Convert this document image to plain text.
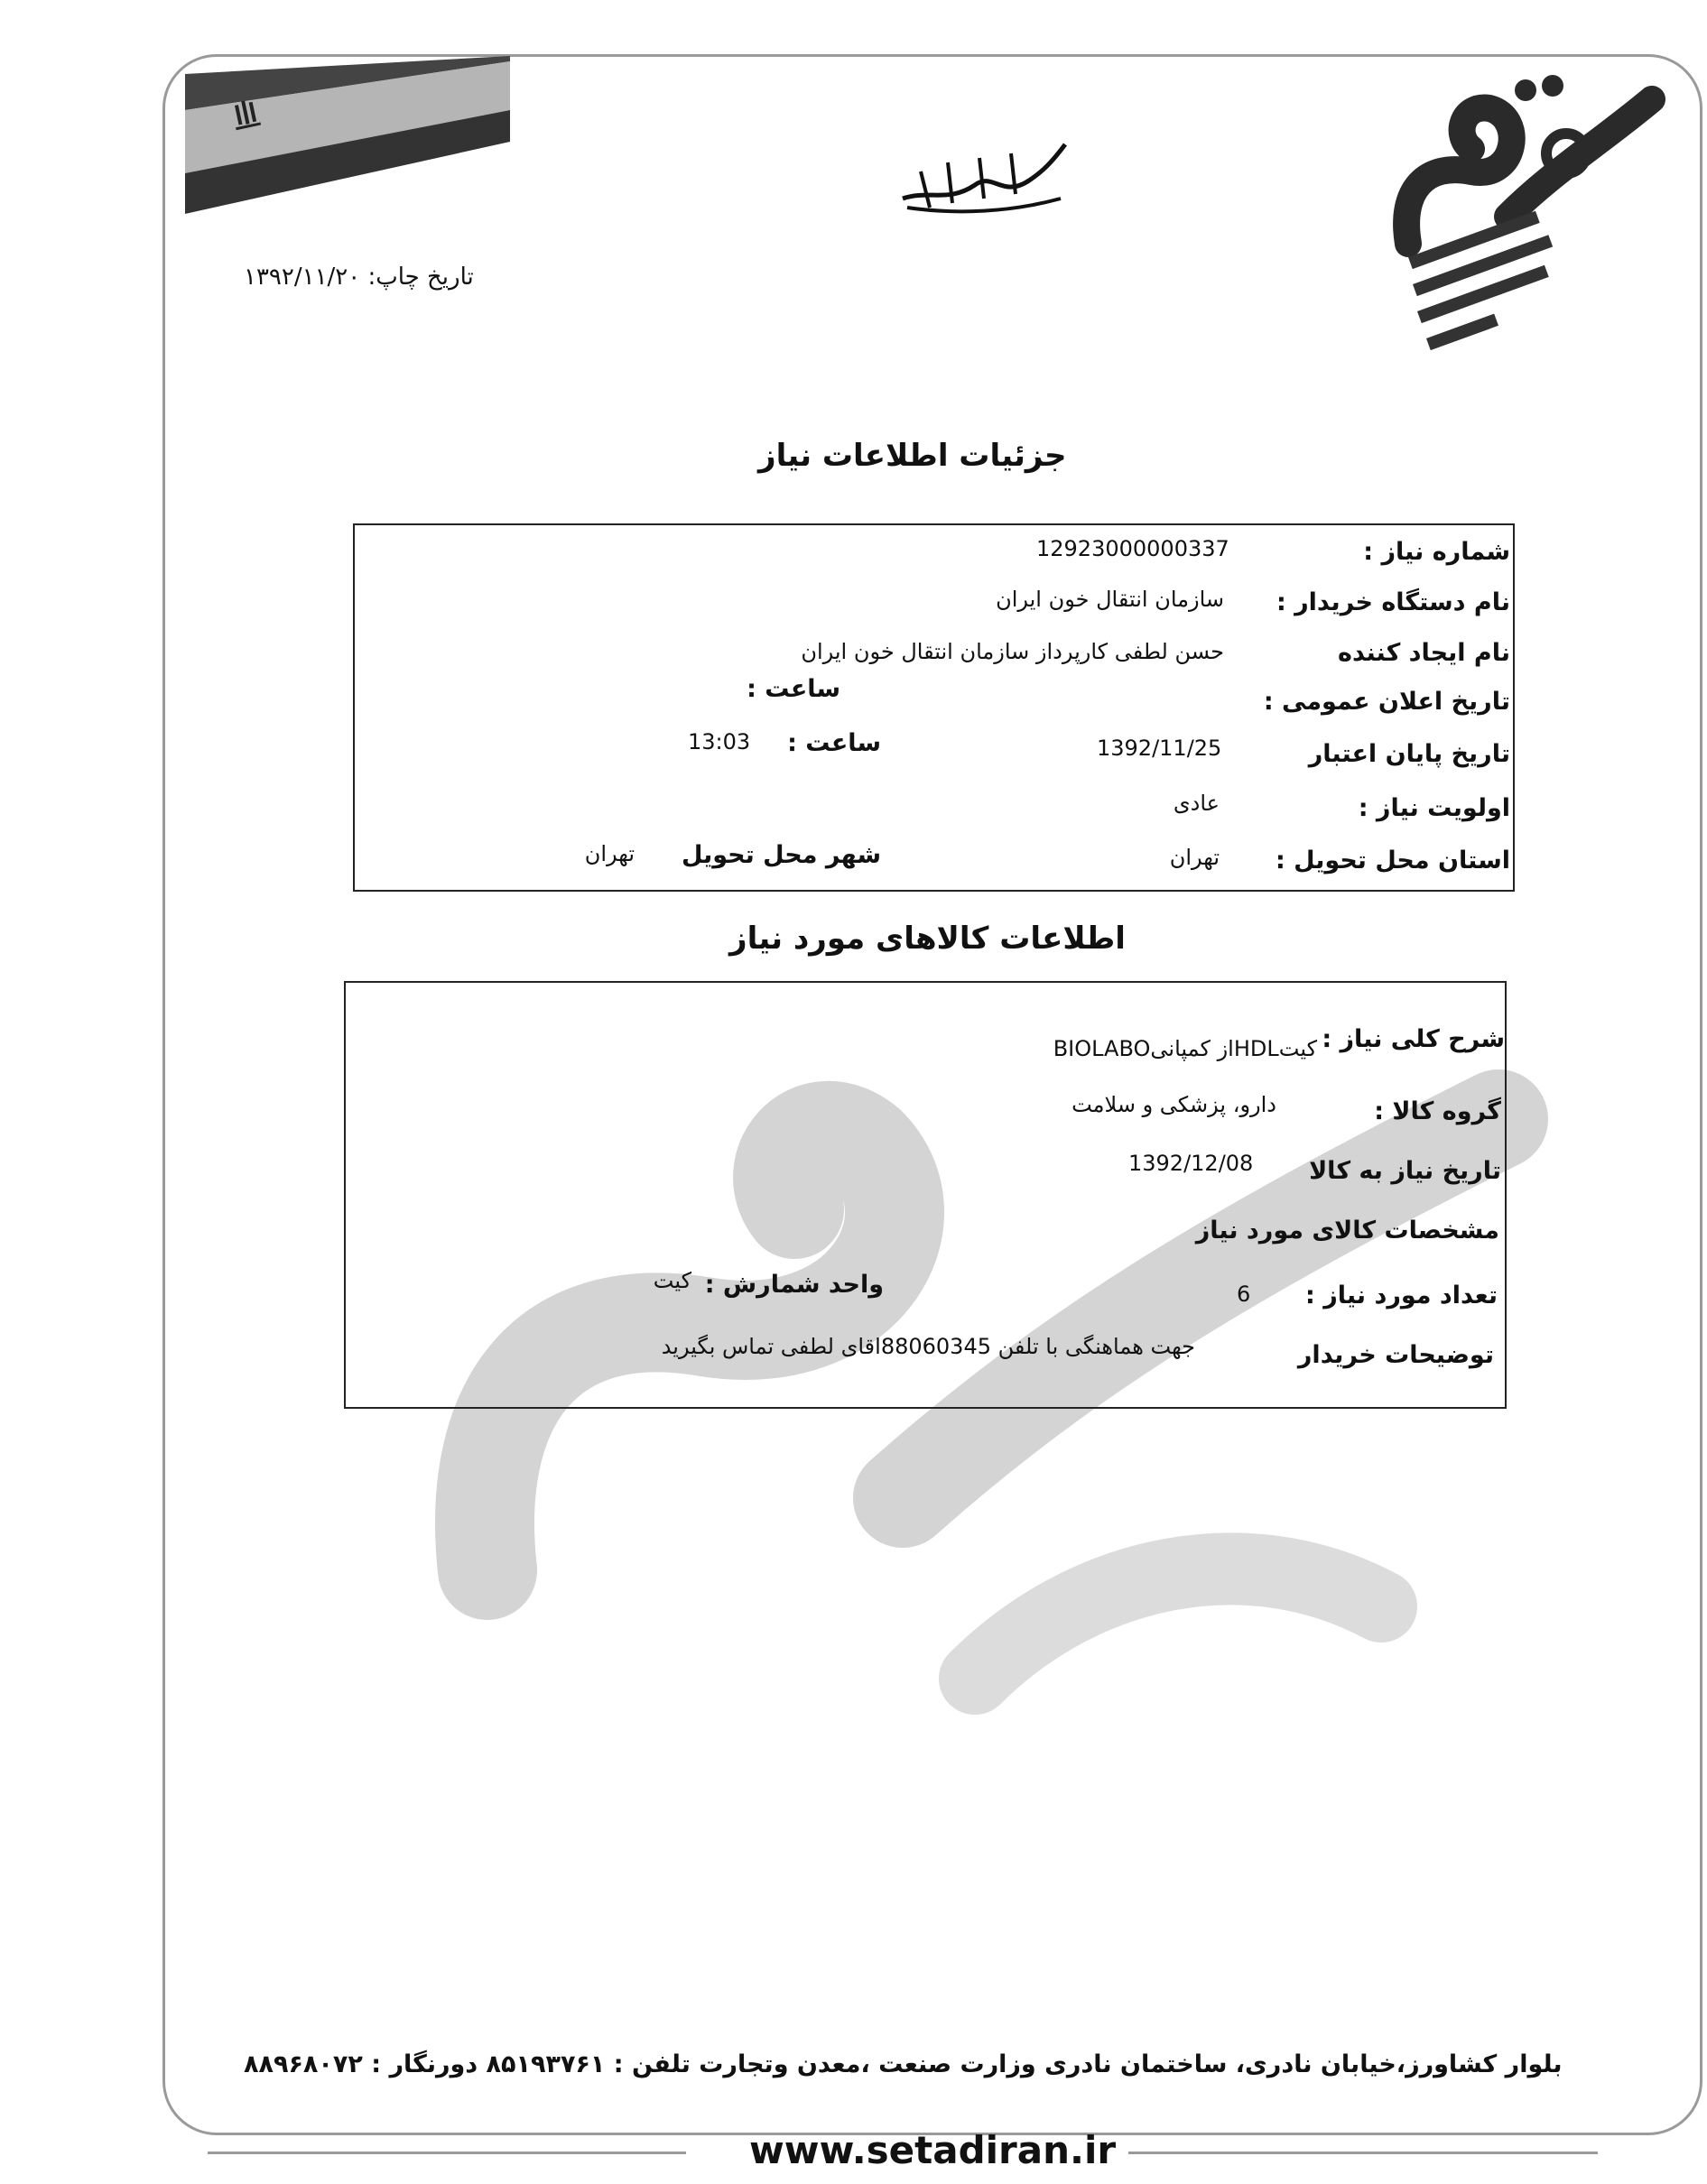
تاریخ چاپ: ۱۳۹۲/۱۱/۲۰
جزئیات اطلاعات نیاز
شماره نیاز :
12923000000337
نام دستگاه خریدار :
سازمان انتقال خون ایران
نام ایجاد کننده
حسن لطفی کارپرداز سازمان انتقال خون ایران
تاریخ اعلان عمومی :
ساعت :
تاریخ پایان اعتبار
1392/11/25
ساعت :
13:03
اولویت نیاز :
عادی
استان محل تحویل :
تهران
شهر محل تحویل
تهران
اطلاعات کالاهای مورد نیاز
شرح کلی نیاز :
کیتHDLاز کمپانیBIOLABO
گروه کالا :
دارو، پزشکی و سلامت
تاریخ نیاز به کالا
1392/12/08
مشخصات کالای مورد نیاز
تعداد مورد نیاز :
6
واحد شمارش :
کیت
توضیحات خریدار
جهت هماهنگی با تلفن 88060345اقای لطفی تماس بگیرید
بلوار کشاورز،خیابان نادری، ساختمان نادری وزارت صنعت ،معدن وتجارت تلفن : ۸۵۱۹۳۷۶۱ دورنگار : ۸۸۹۶۸۰۷۲
www.setadiran.ir
